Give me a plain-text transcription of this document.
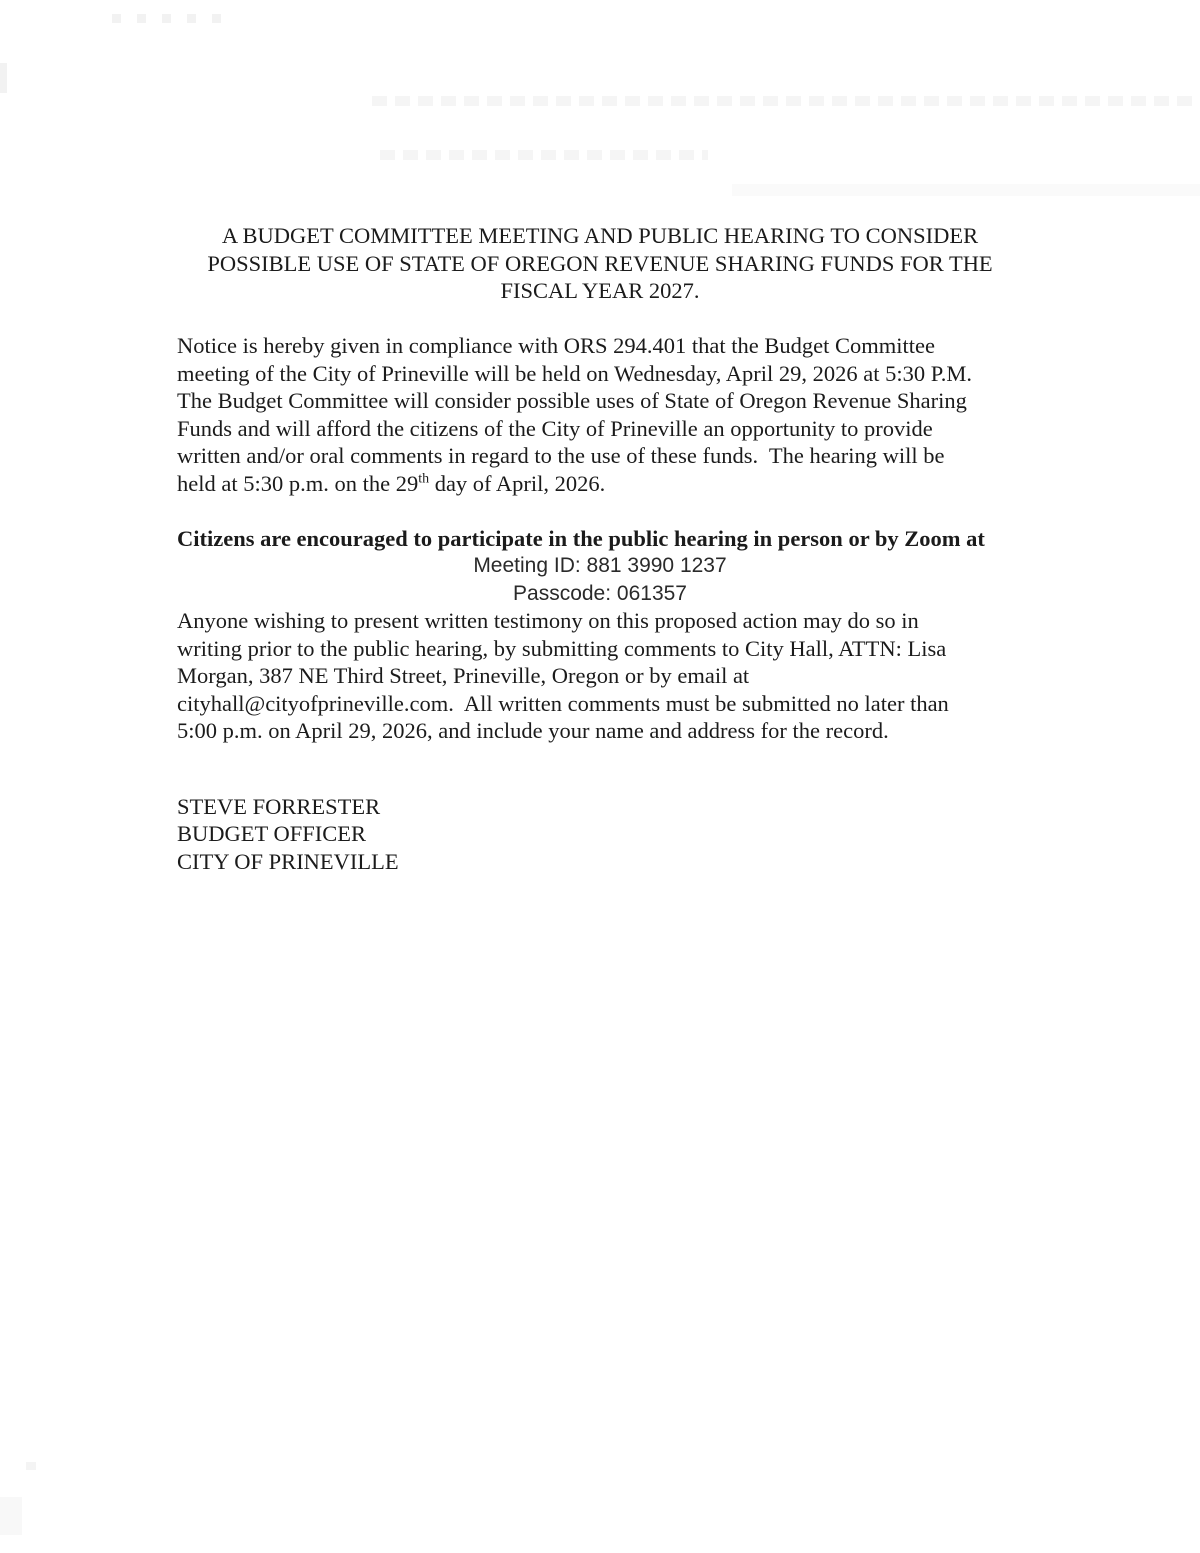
A BUDGET COMMITTEE MEETING AND PUBLIC HEARING TO CONSIDER
POSSIBLE USE OF STATE OF OREGON REVENUE SHARING FUNDS FOR THE
FISCAL YEAR 2027.
Notice is hereby given in compliance with ORS 294.401 that the Budget Committee
meeting of the City of Prineville will be held on Wednesday, April 29, 2026 at 5:30 P.M.
The Budget Committee will consider possible uses of State of Oregon Revenue Sharing
Funds and will afford the citizens of the City of Prineville an opportunity to provide
written and/or oral comments in regard to the use of these funds.  The hearing will be
held at 5:30 p.m. on the 29th day of April, 2026.
Citizens are encouraged to participate in the public hearing in person or by Zoom at
Meeting ID: 881 3990 1237
Passcode: 061357
Anyone wishing to present written testimony on this proposed action may do so in
writing prior to the public hearing, by submitting comments to City Hall, ATTN: Lisa
Morgan, 387 NE Third Street, Prineville, Oregon or by email at
cityhall@cityofprineville.com.  All written comments must be submitted no later than
5:00 p.m. on April 29, 2026, and include your name and address for the record.
STEVE FORRESTER
BUDGET OFFICER
CITY OF PRINEVILLE
